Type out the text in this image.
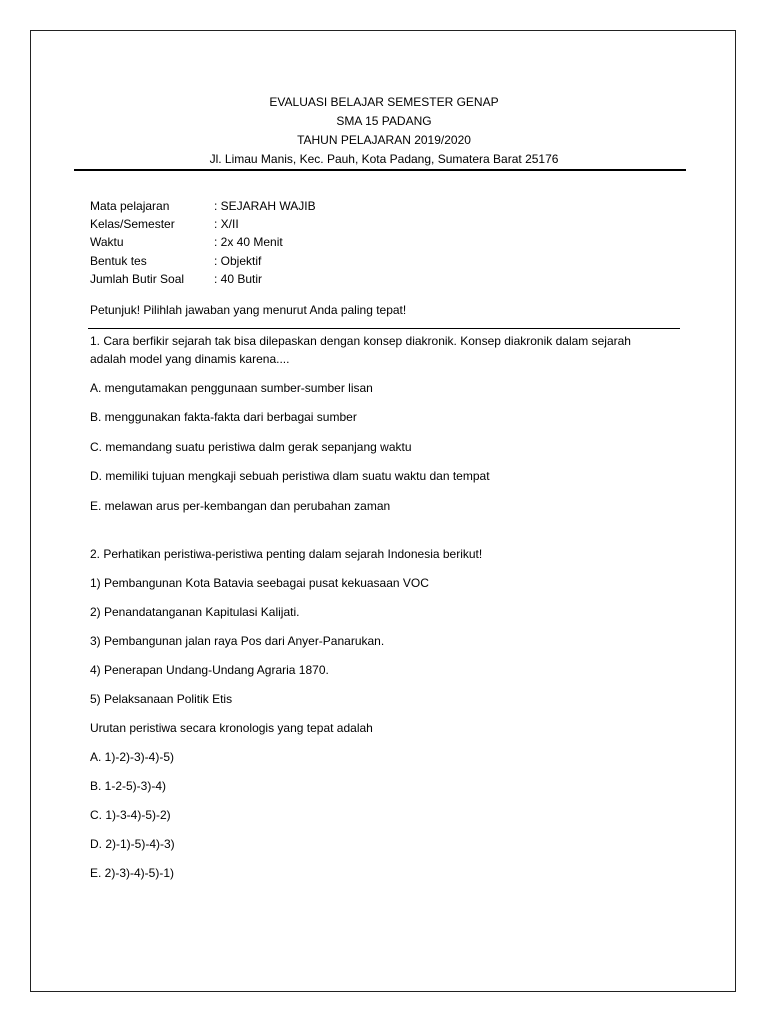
EVALUASI BELAJAR SEMESTER GENAP
SMA 15 PADANG
TAHUN PELAJARAN 2019/2020
Jl. Limau Manis, Kec. Pauh, Kota Padang, Sumatera Barat 25176
Mata pelajaran	: SEJARAH WAJIB
Kelas/Semester	: X/II
Waktu	: 2x 40 Menit
Bentuk tes	: Objektif
Jumlah Butir Soal : 40 Butir
Petunjuk! Pilihlah jawaban yang menurut Anda paling tepat!
1. Cara berfikir sejarah tak bisa dilepaskan dengan konsep diakronik. Konsep diakronik dalam sejarah
adalah model yang dinamis karena....
A. mengutamakan penggunaan sumber-sumber lisan
B. menggunakan fakta-fakta dari berbagai sumber
C. memandang suatu peristiwa dalm gerak sepanjang waktu
D. memiliki tujuan mengkaji sebuah peristiwa dlam suatu waktu dan tempat
E. melawan arus per-kembangan dan perubahan zaman
2. Perhatikan peristiwa-peristiwa penting dalam sejarah Indonesia berikut!
1) Pembangunan Kota Batavia seebagai pusat kekuasaan VOC
2) Penandatanganan Kapitulasi Kalijati.
3) Pembangunan jalan raya Pos dari Anyer-Panarukan.
4) Penerapan Undang-Undang Agraria 1870.
5) Pelaksanaan Politik Etis
Urutan peristiwa secara kronologis yang tepat adalah
A. 1)-2)-3)-4)-5)
B. 1-2-5)-3)-4)
C. 1)-3-4)-5)-2)
D. 2)-1)-5)-4)-3)
E. 2)-3)-4)-5)-1)
